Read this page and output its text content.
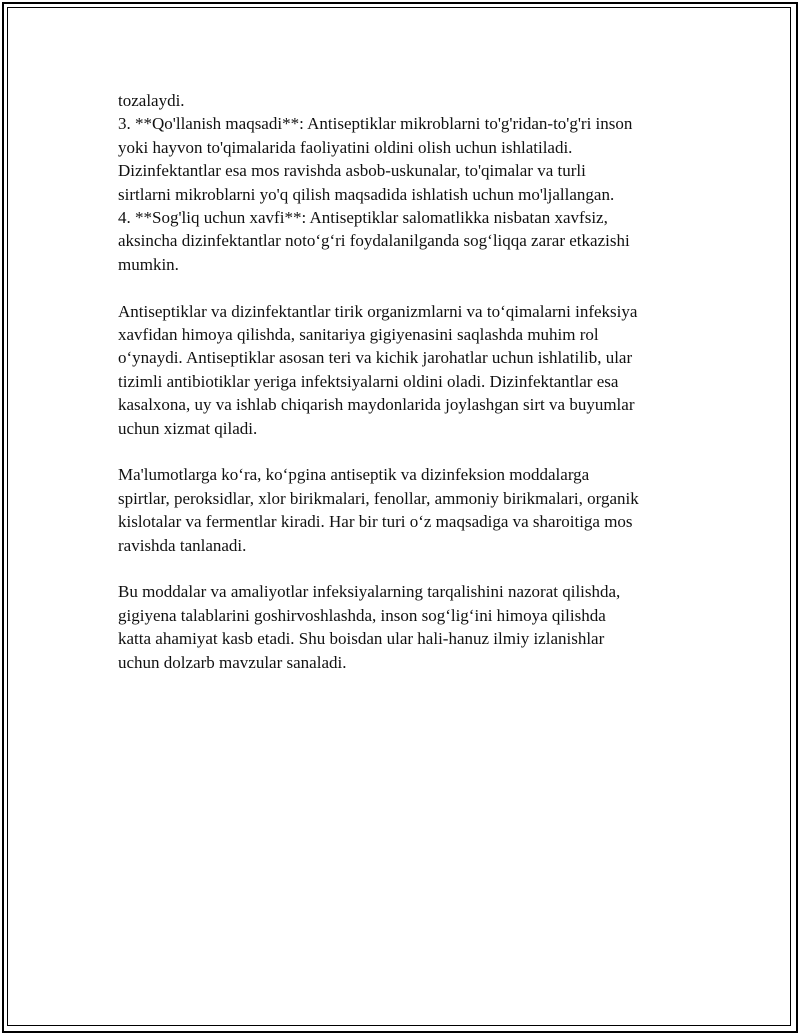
tozalaydi.

3. **Qo'llanish maqsadi**: Antiseptiklar mikroblarni to'g'ridan-to'g'ri inson

yoki hayvon to'qimalarida faoliyatini oldini olish uchun ishlatiladi.

Dizinfektantlar esa mos ravishda asbob-uskunalar, to'qimalar va turli

sirtlarni mikroblarni yo'q qilish maqsadida ishlatish uchun mo'ljallangan.

4. **Sog'liq uchun xavfi**: Antiseptiklar salomatlikka nisbatan xavfsiz,

aksincha dizinfektantlar noto‘g‘ri foydalanilganda sog‘liqqa zarar etkazishi

mumkin.

Antiseptiklar va dizinfektantlar tirik organizmlarni va to‘qimalarni infeksiya

xavfidan himoya qilishda, sanitariya gigiyenasini saqlashda muhim rol

o‘ynaydi. Antiseptiklar asosan teri va kichik jarohatlar uchun ishlatilib, ular

tizimli antibiotiklar yeriga infektsiyalarni oldini oladi. Dizinfektantlar esa

kasalxona, uy va ishlab chiqarish maydonlarida joylashgan sirt va buyumlar

uchun xizmat qiladi.

Ma'lumotlarga ko‘ra, ko‘pgina antiseptik va dizinfeksion moddalarga

spirtlar, peroksidlar, xlor birikmalari, fenollar, ammoniy birikmalari, organik

kislotalar va fermentlar kiradi. Har bir turi o‘z maqsadiga va sharoitiga mos

ravishda tanlanadi.

Bu moddalar va amaliyotlar infeksiyalarning tarqalishini nazorat qilishda,

gigiyena talablarini goshirvoshlashda, inson sog‘lig‘ini himoya qilishda

katta ahamiyat kasb etadi. Shu boisdan ular hali-hanuz ilmiy izlanishlar

uchun dolzarb mavzular sanaladi.
